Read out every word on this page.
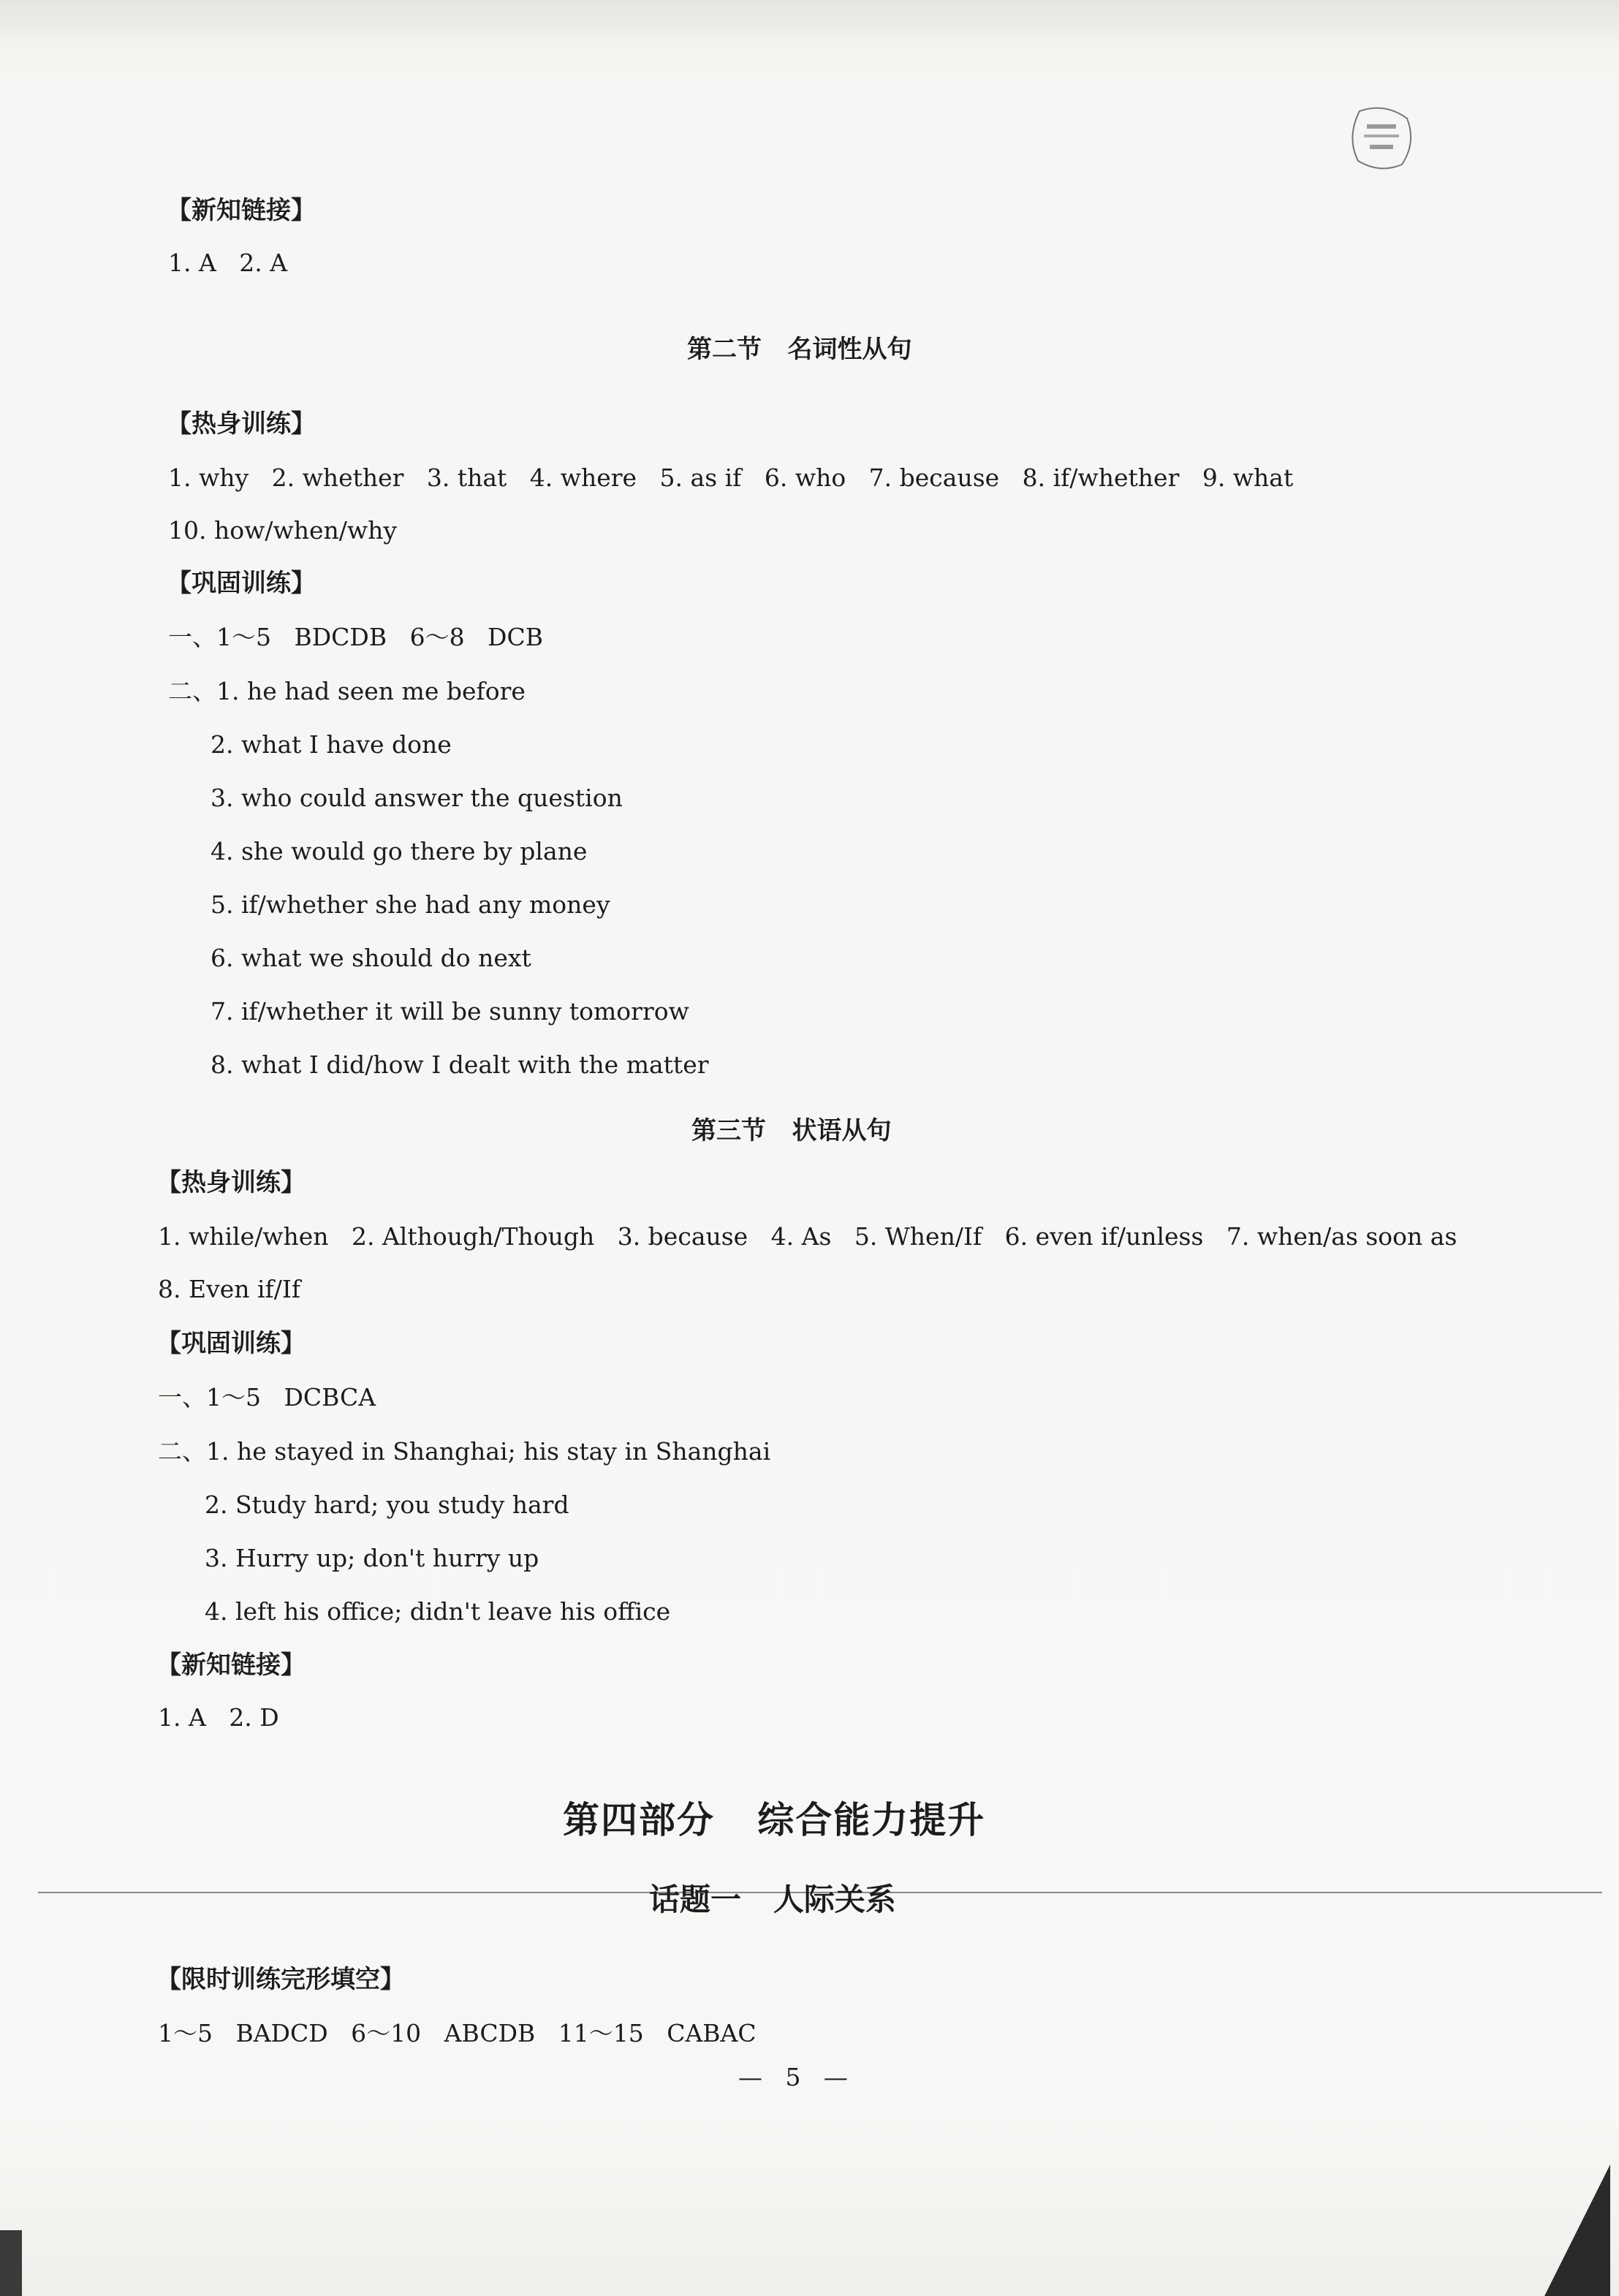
【新知链接】
1. A   2. A
第二节   名词性从句
【热身训练】
1. why   2. whether   3. that   4. where   5. as if   6. who   7. because   8. if/whether   9. what
10. how/when/why
【巩固训练】
一、1～5   BDCDB   6～8   DCB
二、1. he had seen me before
2. what I have done
3. who could answer the question
4. she would go there by plane
5. if/whether she had any money
6. what we should do next
7. if/whether it will be sunny tomorrow
8. what I did/how I dealt with the matter
第三节   状语从句
【热身训练】
1. while/when   2. Although/Though   3. because   4. As   5. When/If   6. even if/unless   7. when/as soon as
8. Even if/If
【巩固训练】
一、1～5   DCBCA
二、1. he stayed in Shanghai; his stay in Shanghai
2. Study hard; you study hard
3. Hurry up; don't hurry up
4. left his office; didn't leave his office
【新知链接】
1. A   2. D
第四部分   综合能力提升
话题一   人际关系
【限时训练完形填空】
1～5   BADCD   6～10   ABCDB   11～15   CABAC
—   5   —
